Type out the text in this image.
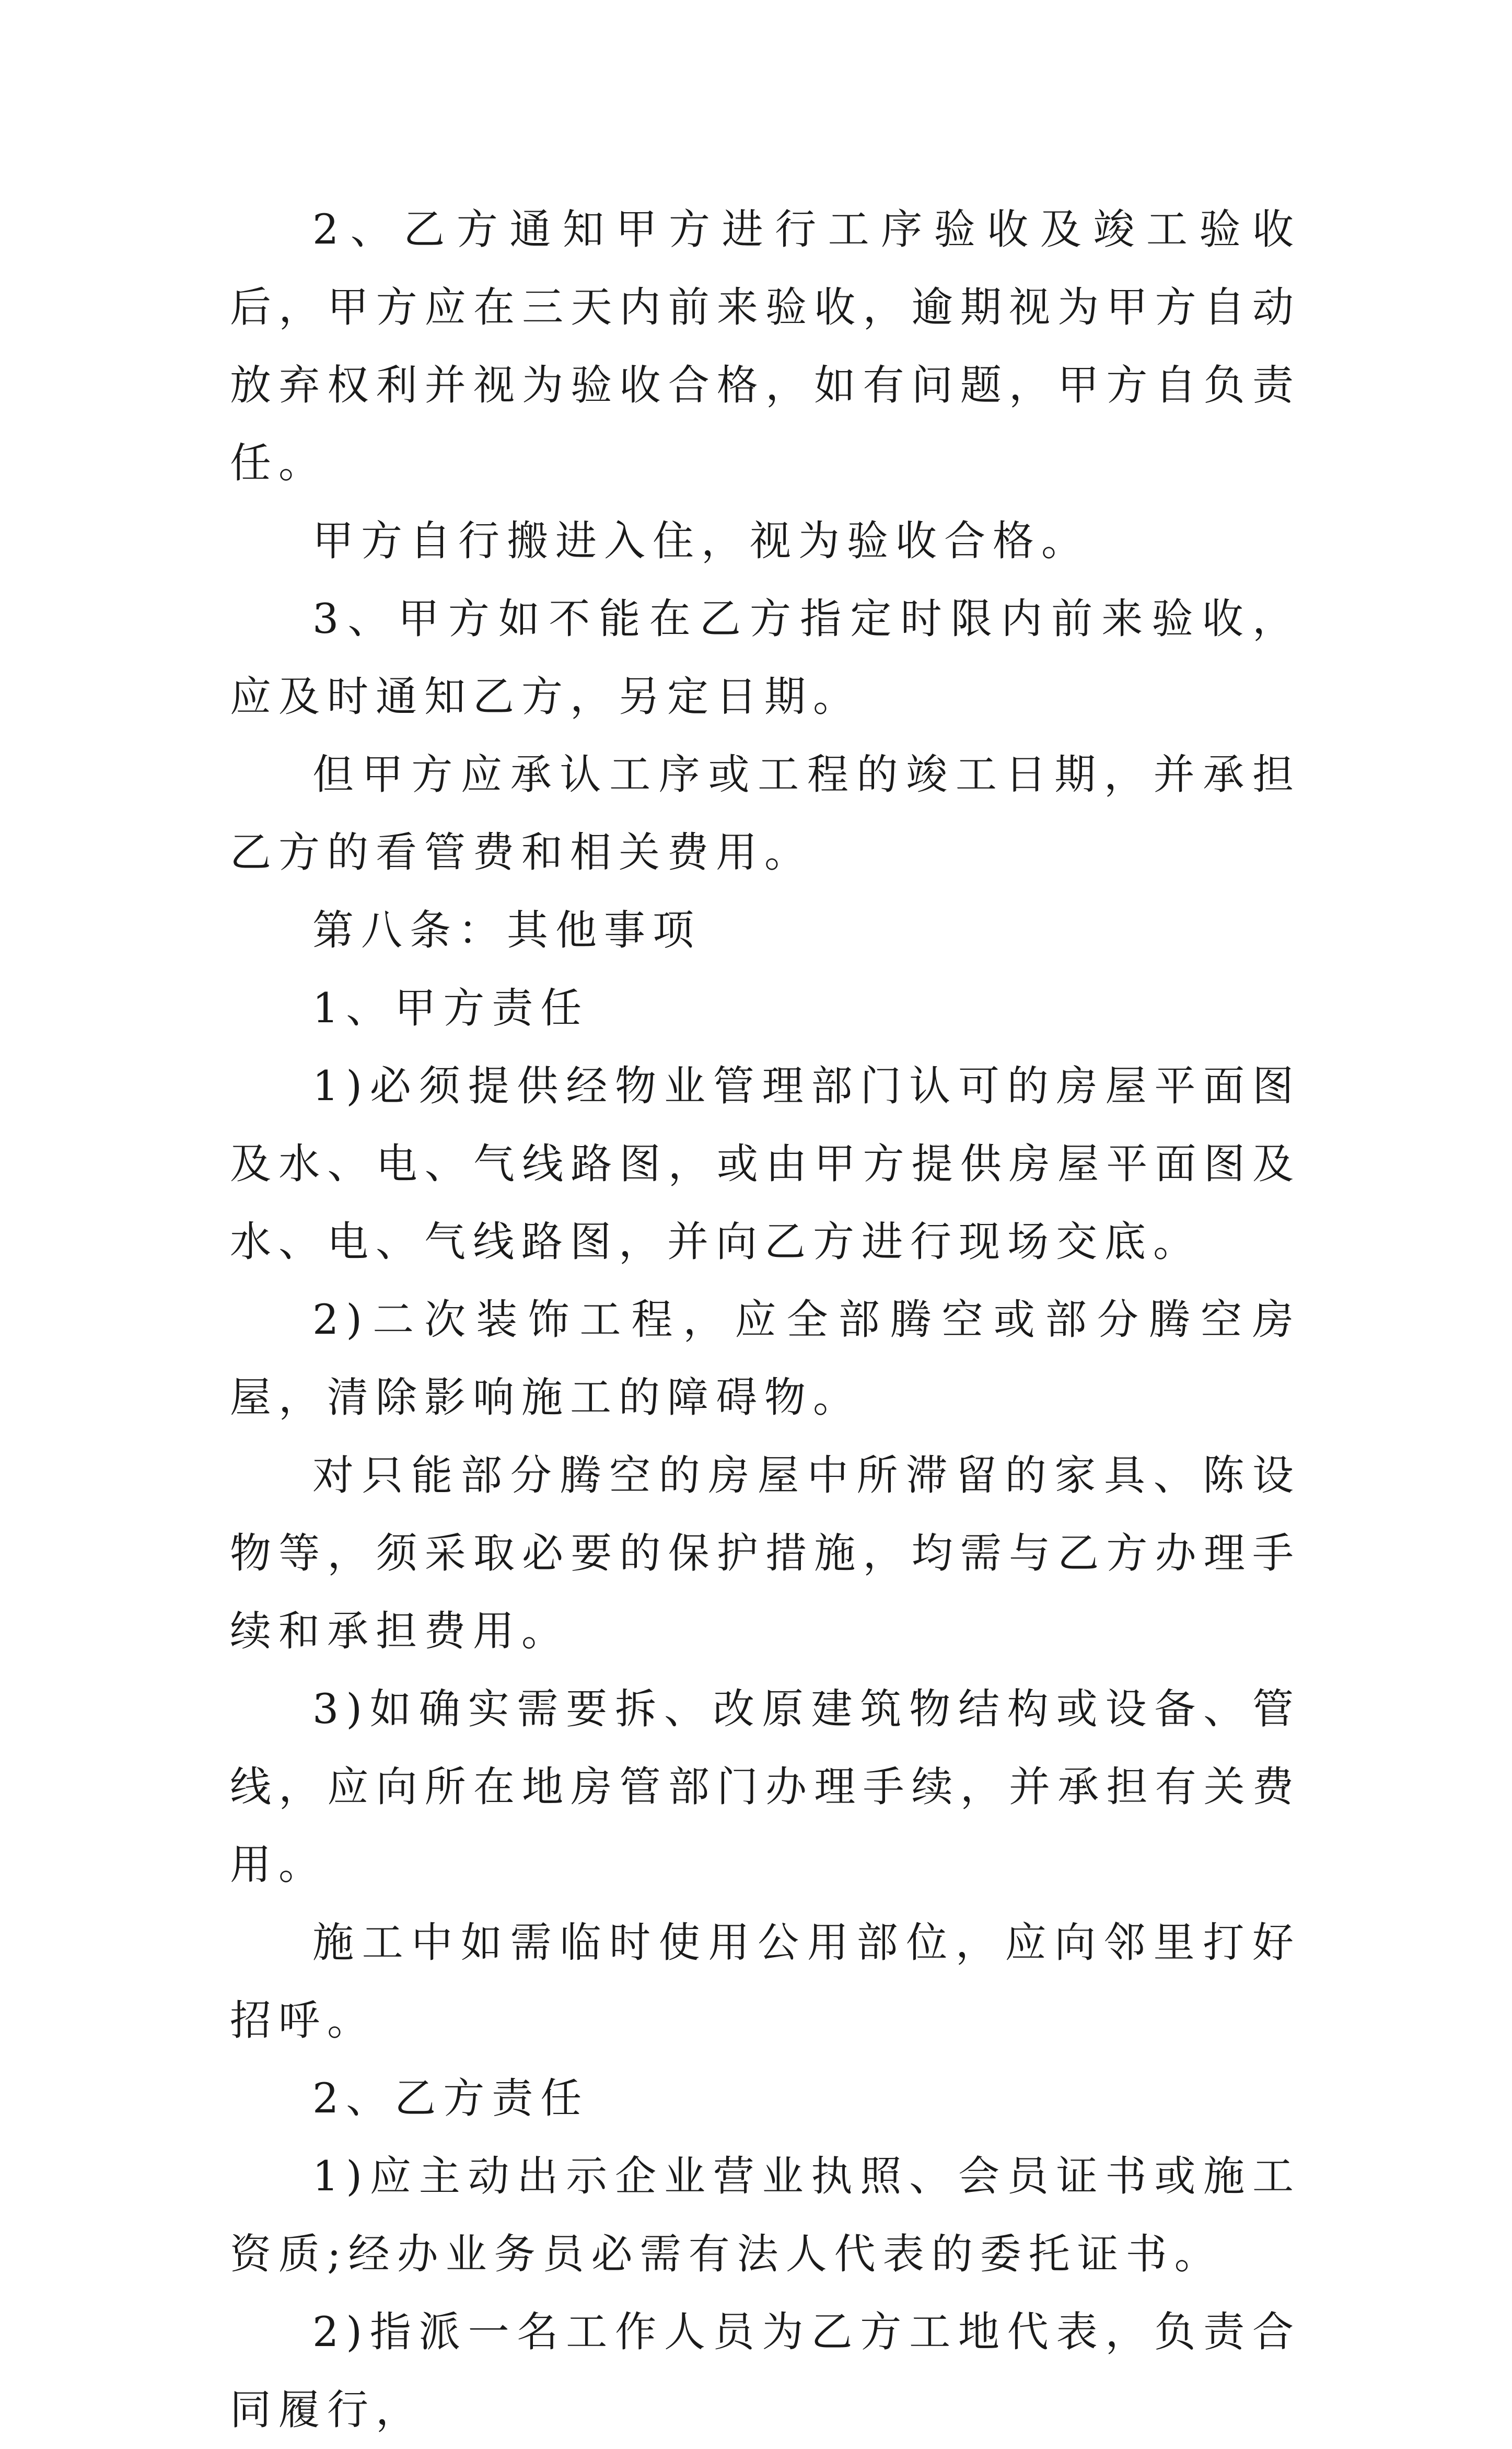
2、乙方通知甲方进行工序验收及竣工验收后，甲方应在三天内前来验收，逾期视为甲方自动放弃权利并视为验收合格，如有问题，甲方自负责任。

甲方自行搬进入住，视为验收合格。

3、甲方如不能在乙方指定时限内前来验收，应及时通知乙方，另定日期。

但甲方应承认工序或工程的竣工日期，并承担乙方的看管费和相关费用。

第八条：其他事项

1、甲方责任

1)必须提供经物业管理部门认可的房屋平面图及水、电、气线路图，或由甲方提供房屋平面图及水、电、气线路图，并向乙方进行现场交底。

2)二次装饰工程，应全部腾空或部分腾空房屋，清除影响施工的障碍物。

对只能部分腾空的房屋中所滞留的家具、陈设物等，须采取必要的保护措施，均需与乙方办理手续和承担费用。

3)如确实需要拆、改原建筑物结构或设备、管线，应向所在地房管部门办理手续，并承担有关费用。

施工中如需临时使用公用部位，应向邻里打好招呼。

2、乙方责任

1)应主动出示企业营业执照、会员证书或施工资质;经办业务员必需有法人代表的委托证书。

2)指派一名工作人员为乙方工地代表，负责合同履行，
